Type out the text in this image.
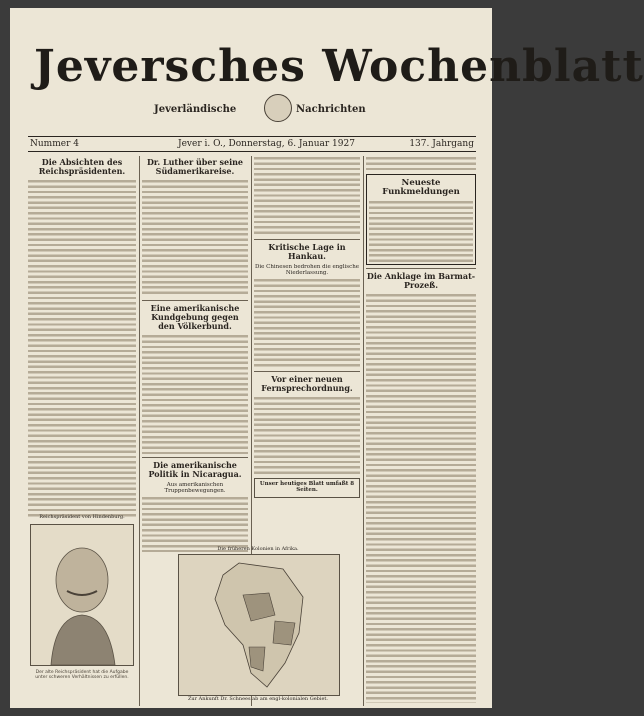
Jeversches Wochenblatt
Jeverländische	Nachrichten
Nummer 4	Jever i. O., Donnerstag, 6. Januar 1927	137. Jahrgang
Die Absichten des Reichspräsidenten.
Reichspräsident von Hindenburg.
Der alte Reichspräsident hat die Aufgabe unter schweren Verhältnissen zu erfüllen.
Dr. Luther über seine Südamerikareise.
Eine amerikanische Kundgebung gegen den Völkerbund.
Die amerikanische Politik in Nicaragua.
Aus amerikanischen Truppenbewegungen.
Kritische Lage in Hankau.
Die Chinesen bedrohen die englische Niederlassung.
Vor einer neuen Fernsprechordnung.
Unser heutiges Blatt umfaßt 8 Seiten.
Neueste Funkmeldungen
Die Anklage im Barmat-Prozeß.
Die früheren Kolonien in Afrika.
Zur Ankunft Dr. Schnees ab am engl-kolonialen Gebiet.
